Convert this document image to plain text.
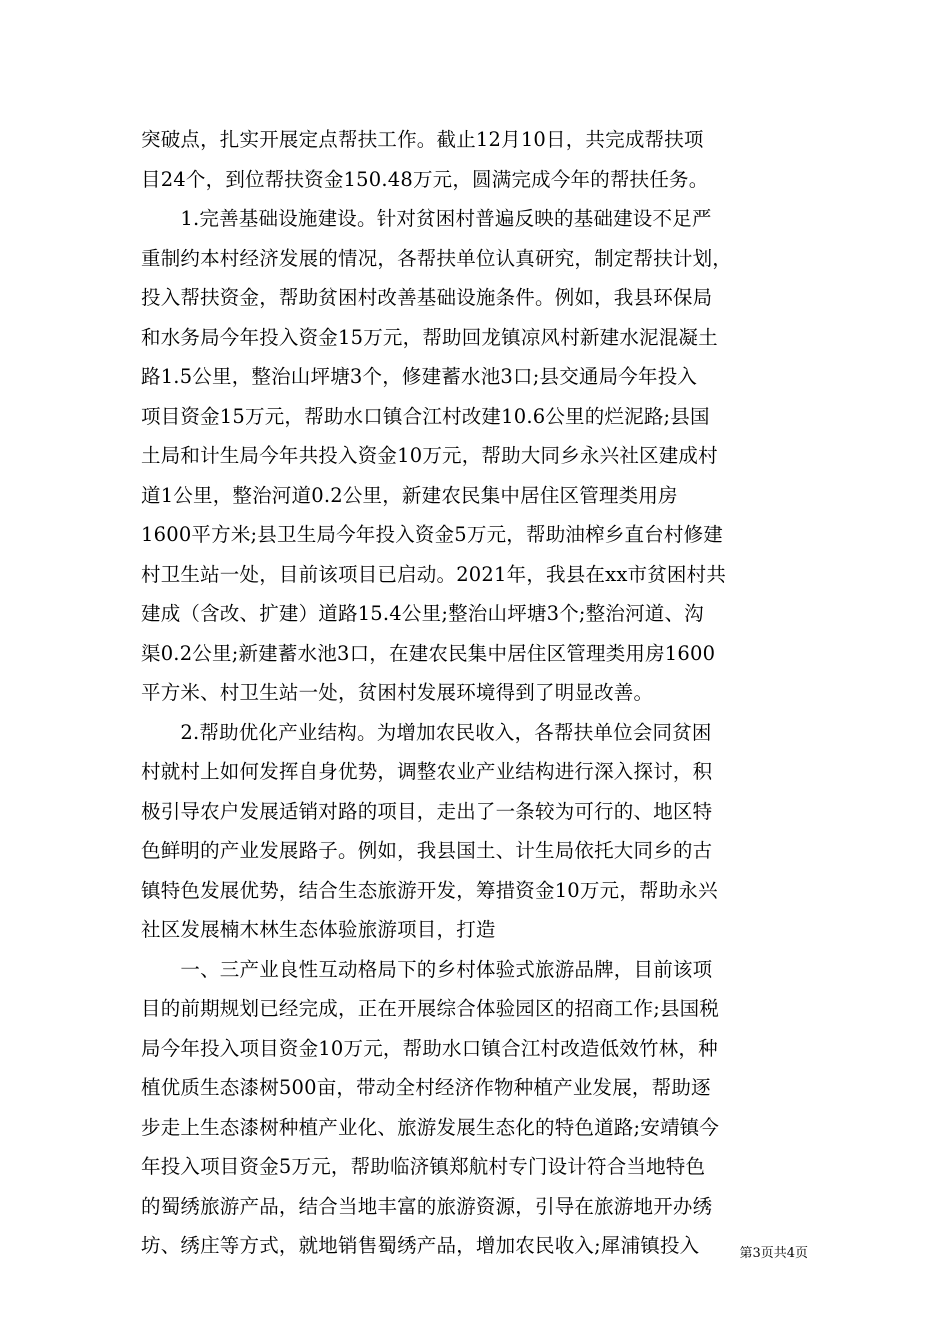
突破点，扎实开展定点帮扶工作。截止12月10日，共完成帮扶项
目24个，到位帮扶资金150.48万元，圆满完成今年的帮扶任务。

　　1.完善基础设施建设。针对贫困村普遍反映的基础建设不足严
重制约本村经济发展的情况，各帮扶单位认真研究，制定帮扶计划，
投入帮扶资金，帮助贫困村改善基础设施条件。例如，我县环保局
和水务局今年投入资金15万元，帮助回龙镇凉风村新建水泥混凝土
路1.5公里，整治山坪塘3个，修建蓄水池3口;县交通局今年投入
项目资金15万元，帮助水口镇合江村改建10.6公里的烂泥路;县国
土局和计生局今年共投入资金10万元，帮助大同乡永兴社区建成村
道1公里，整治河道0.2公里，新建农民集中居住区管理类用房
1600平方米;县卫生局今年投入资金5万元，帮助油榨乡直台村修建
村卫生站一处，目前该项目已启动。2021年，我县在xx市贫困村共
建成（含改、扩建）道路15.4公里;整治山坪塘3个;整治河道、沟
渠0.2公里;新建蓄水池3口，在建农民集中居住区管理类用房1600
平方米、村卫生站一处，贫困村发展环境得到了明显改善。

　　2.帮助优化产业结构。为增加农民收入，各帮扶单位会同贫困
村就村上如何发挥自身优势，调整农业产业结构进行深入探讨，积
极引导农户发展适销对路的项目，走出了一条较为可行的、地区特
色鲜明的产业发展路子。例如，我县国土、计生局依托大同乡的古
镇特色发展优势，结合生态旅游开发，筹措资金10万元，帮助永兴
社区发展楠木林生态体验旅游项目，打造

　　一、三产业良性互动格局下的乡村体验式旅游品牌，目前该项
目的前期规划已经完成，正在开展综合体验园区的招商工作;县国税
局今年投入项目资金10万元，帮助水口镇合江村改造低效竹林，种
植优质生态漆树500亩，带动全村经济作物种植产业发展，帮助逐
步走上生态漆树种植产业化、旅游发展生态化的特色道路;安靖镇今
年投入项目资金5万元，帮助临济镇郑航村专门设计符合当地特色
的蜀绣旅游产品，结合当地丰富的旅游资源，引导在旅游地开办绣
坊、绣庄等方式，就地销售蜀绣产品，增加农民收入;犀浦镇投入	第3页共4页
